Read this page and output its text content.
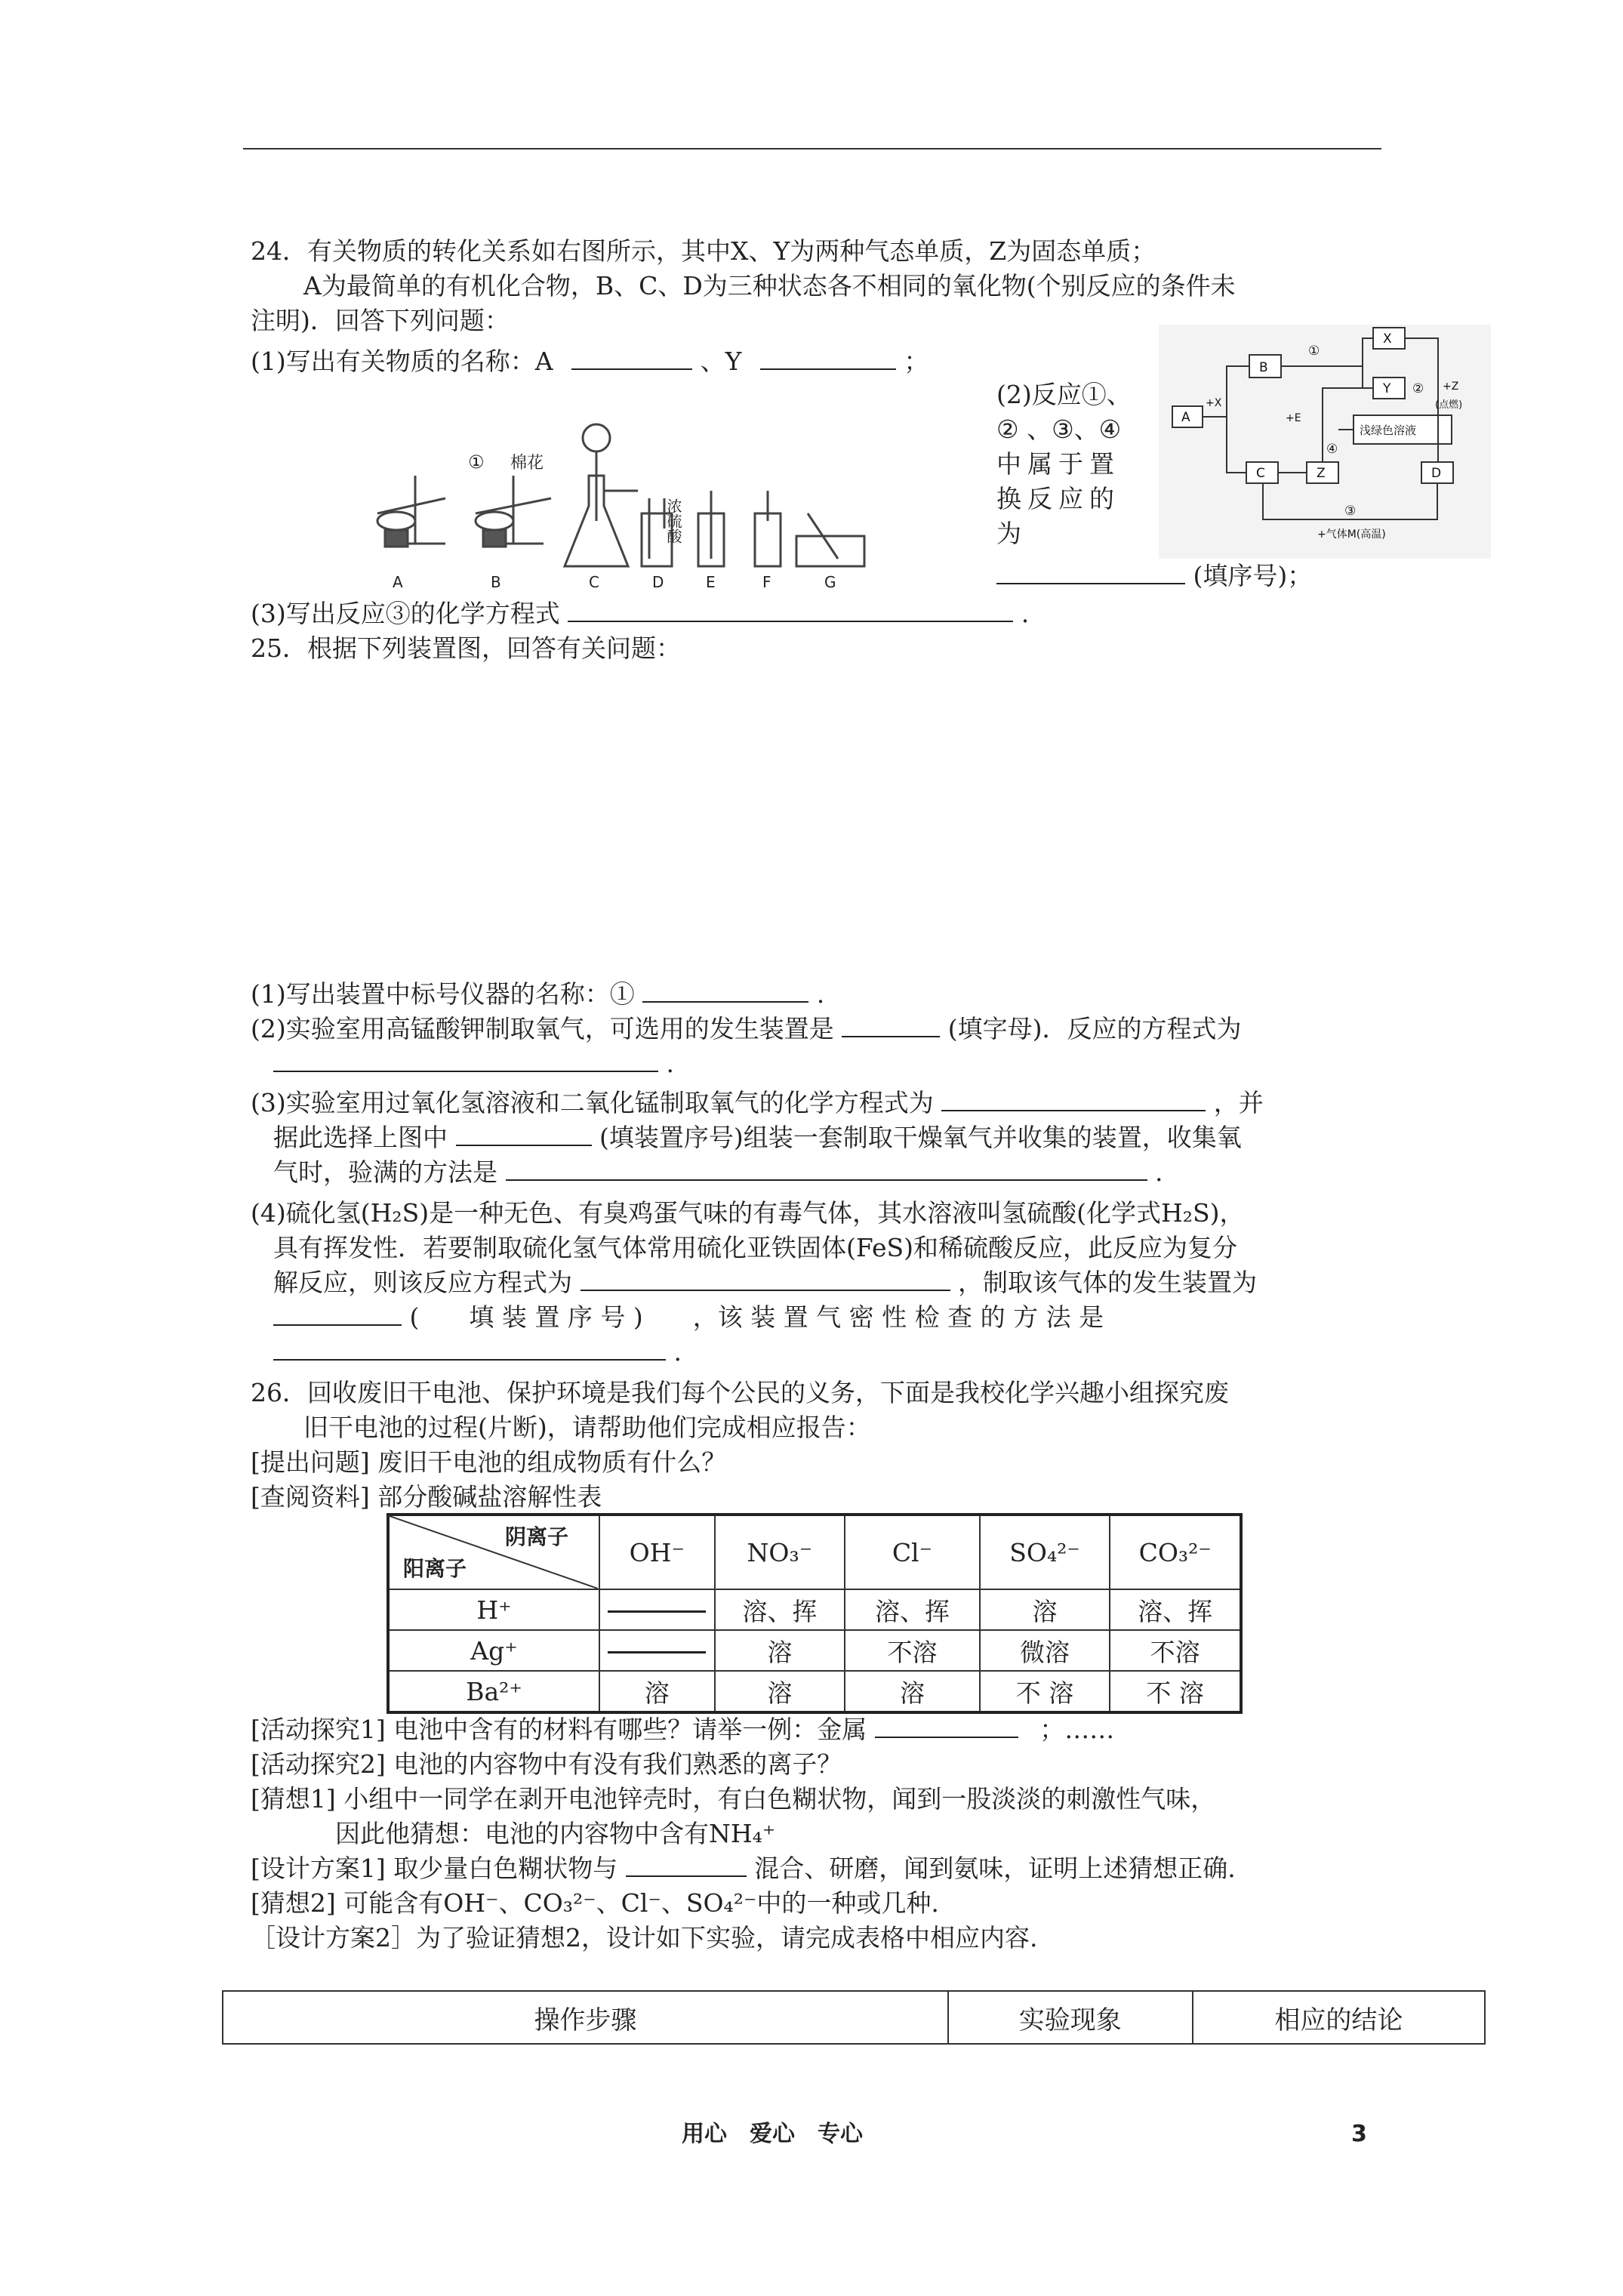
24．有关物质的转化关系如右图所示，其中X、Y为两种气态单质，Z为固态单质；
A为最简单的有机化合物，B、C、D为三种状态各不相同的氧化物(个别反应的条件未
注明)．回答下列问题：
(1)写出有关物质的名称：A	、Y	；
(2)反应①、
② 、③、④
中属于置
换反应的
为
(填序号)；
A
B
C
X
Y
Z	D
浅绿色溶液
+X
①
②
③
④
+Z
(点燃)
+E
+气体M(高温)
① 棉花
浓硫酸
A	B	C	D	E	F	G
(3)写出反应③的化学方程式	.
25．根据下列装置图，回答有关问题：
(1)写出装置中标号仪器的名称：①	.
(2)实验室用高锰酸钾制取氧气，可选用的发生装置是	(填字母)．反应的方程式为
.
(3)实验室用过氧化氢溶液和二氧化锰制取氧气的化学方程式为	，并
据此选择上图中	(填装置序号)组装一套制取干燥氧气并收集的装置，收集氧
气时，验满的方法是	.
(4)硫化氢(H₂S)是一种无色、有臭鸡蛋气味的有毒气体，其水溶液叫氢硫酸(化学式H₂S)，
具有挥发性．若要制取硫化氢气体常用硫化亚铁固体(FeS)和稀硫酸反应，此反应为复分
解反应，则该反应方程式为	，制取该气体的发生装置为
(　　填 装 置 序 号 )　　，该 装 置 气 密 性 检 查 的 方 法 是
.
26．回收废旧干电池、保护环境是我们每个公民的义务，下面是我校化学兴趣小组探究废
旧干电池的过程(片断)，请帮助他们完成相应报告：
[提出问题] 废旧干电池的组成物质有什么？
[查阅资料] 部分酸碱盐溶解性表
阴离子
阳离子	OH⁻	NO₃⁻	Cl⁻	SO₄²⁻	CO₃²⁻
H⁺		溶、挥	溶、挥	溶	溶、挥
Ag⁺		溶	不溶	微溶	不溶
Ba²⁺	溶	溶	溶	不 溶	不 溶
[活动探究1] 电池中含有的材料有哪些？请举一例：金属	；……
[活动探究2] 电池的内容物中有没有我们熟悉的离子？
[猜想1] 小组中一同学在剥开电池锌壳时，有白色糊状物，闻到一股淡淡的刺激性气味，
因此他猜想：电池的内容物中含有NH₄⁺
[设计方案1] 取少量白色糊状物与	混合、研磨，闻到氨味，证明上述猜想正确.
[猜想2] 可能含有OH⁻、CO₃²⁻、Cl⁻、SO₄²⁻中的一种或几种.
［设计方案2］为了验证猜想2，设计如下实验，请完成表格中相应内容.
操作步骤	实验现象	相应的结论
用心　爱心　专心	3
